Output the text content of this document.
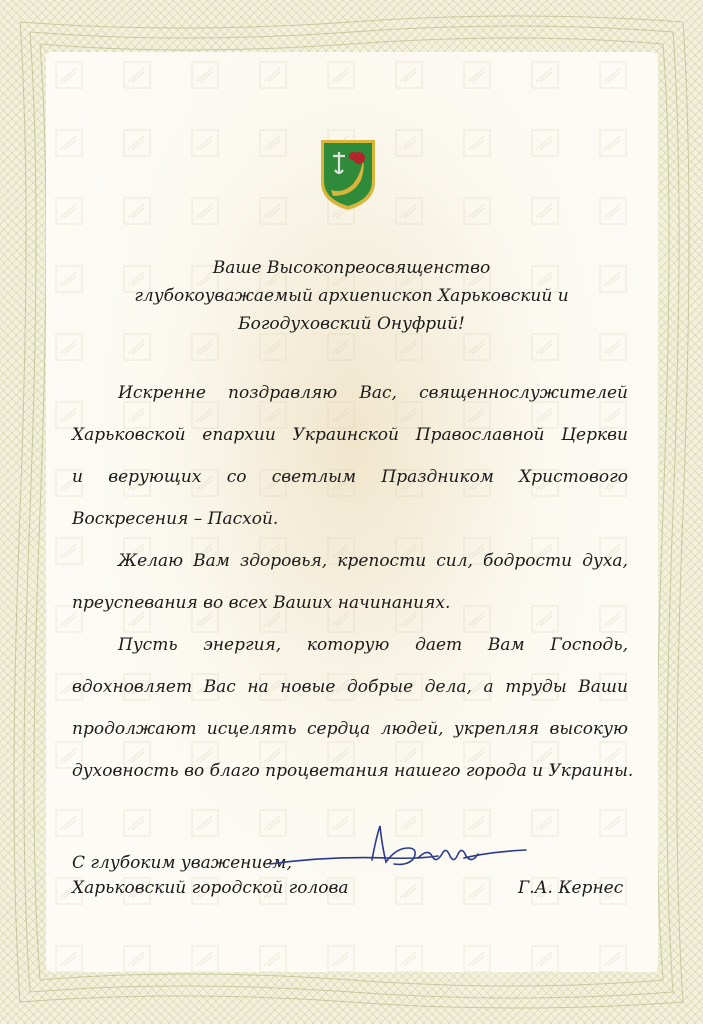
Ваше Высокопреосвященство
глубокоуважаемый архиепископ Харьковский и
Богодуховский Онуфрий!
Искренне поздравляю Вас, священнослужителей
Харьковской епархии Украинской Православной Церкви
и верующих со светлым Праздником Христового
Воскресения – Пасхой.
Желаю Вам здоровья, крепости сил, бодрости духа,
преуспевания во всех Ваших начинаниях.
Пусть энергия, которую дает Вам Господь,
вдохновляет Вас на новые добрые дела, а труды Ваши
продолжают исцелять сердца людей, укрепляя высокую
духовность во благо процветания нашего города и Украины.
С глубоким уважением,
Харьковский городской голова	Г.А. Кернес
